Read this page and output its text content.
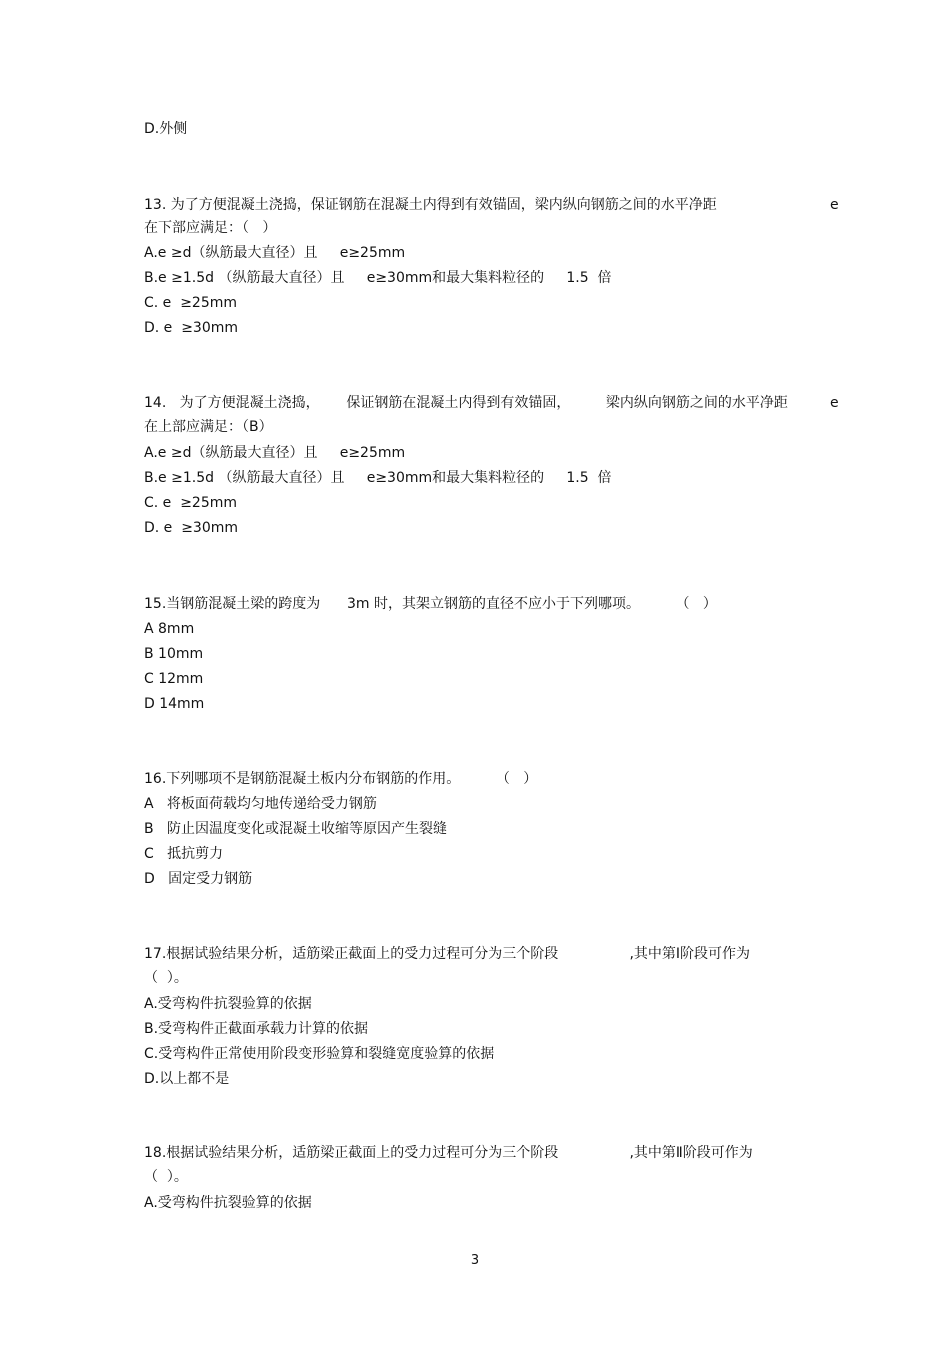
D.外侧
13. 为了方便混凝土浇捣，保证钢筋在混凝土内得到有效锚固，梁内纵向钢筋之间的水平净距	e
在下部应满足：（   ）
A.e ≥d（纵筋最大直径）且     e≥25mm
B.e ≥1.5d （纵筋最大直径）且     e≥30mm和最大集料粒径的     1.5  倍
C. e  ≥25mm
D. e  ≥30mm
14.   为了方便混凝土浇捣，      保证钢筋在混凝土内得到有效锚固，        梁内纵向钢筋之间的水平净距	e
在上部应满足：（B）
A.e ≥d（纵筋最大直径）且     e≥25mm
B.e ≥1.5d （纵筋最大直径）且     e≥30mm和最大集料粒径的     1.5  倍
C. e  ≥25mm
D. e  ≥30mm
15.当钢筋混凝土梁的跨度为      3m 时，其架立钢筋的直径不应小于下列哪项。        （   ）
A 8mm
B 10mm
C 12mm
D 14mm
16.下列哪项不是钢筋混凝土板内分布钢筋的作用。        （   ）
A   将板面荷载均匀地传递给受力钢筋
B   防止因温度变化或混凝土收缩等原因产生裂缝
C   抵抗剪力
D   固定受力钢筋
17.根据试验结果分析，适筋梁正截面上的受力过程可分为三个阶段                ,其中第Ⅰ阶段可作为
（  ）。
A.受弯构件抗裂验算的依据
B.受弯构件正截面承载力计算的依据
C.受弯构件正常使用阶段变形验算和裂缝宽度验算的依据
D.以上都不是
18.根据试验结果分析，适筋梁正截面上的受力过程可分为三个阶段                ,其中第Ⅱ阶段可作为
（  ）。
A.受弯构件抗裂验算的依据
3
